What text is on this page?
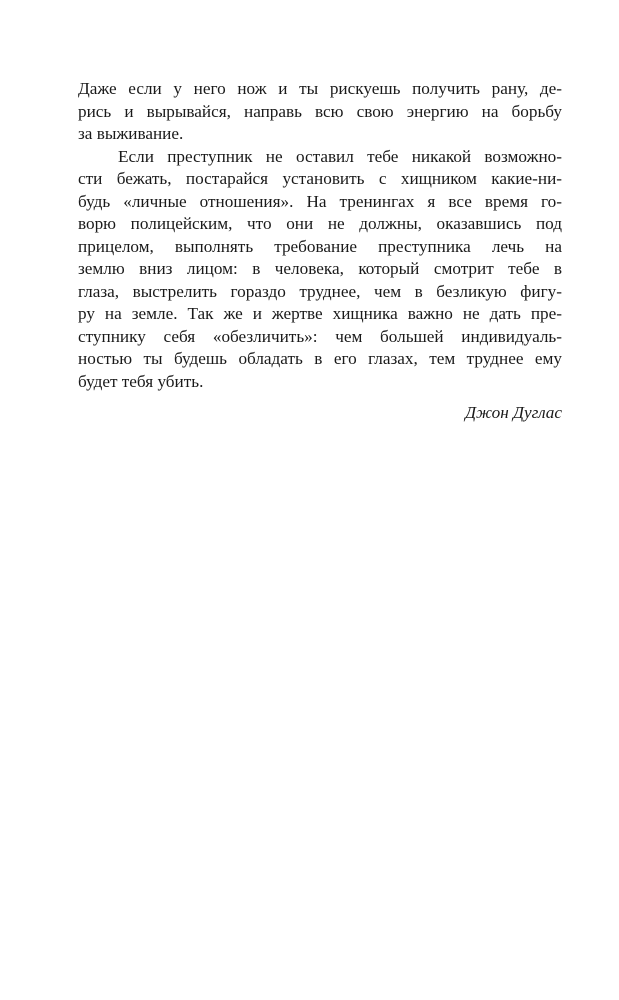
Даже если у него нож и ты рискуешь получить рану, де-
рись и вырывайся, направь всю свою энергию на борьбу
за выживание.
Если преступник не оставил тебе никакой возможно-
сти бежать, постарайся установить с хищником какие-ни-
будь «личные отношения». На тренингах я все время го-
ворю полицейским, что они не должны, оказавшись под
прицелом, выполнять требование преступника лечь на
землю вниз лицом: в человека, который смотрит тебе в
глаза, выстрелить гораздо труднее, чем в безликую фигу-
ру на земле. Так же и жертве хищника важно не дать пре-
ступнику себя «обезличить»: чем большей индивидуаль-
ностью ты будешь обладать в его глазах, тем труднее ему
будет тебя убить.
Джон Дуглас
